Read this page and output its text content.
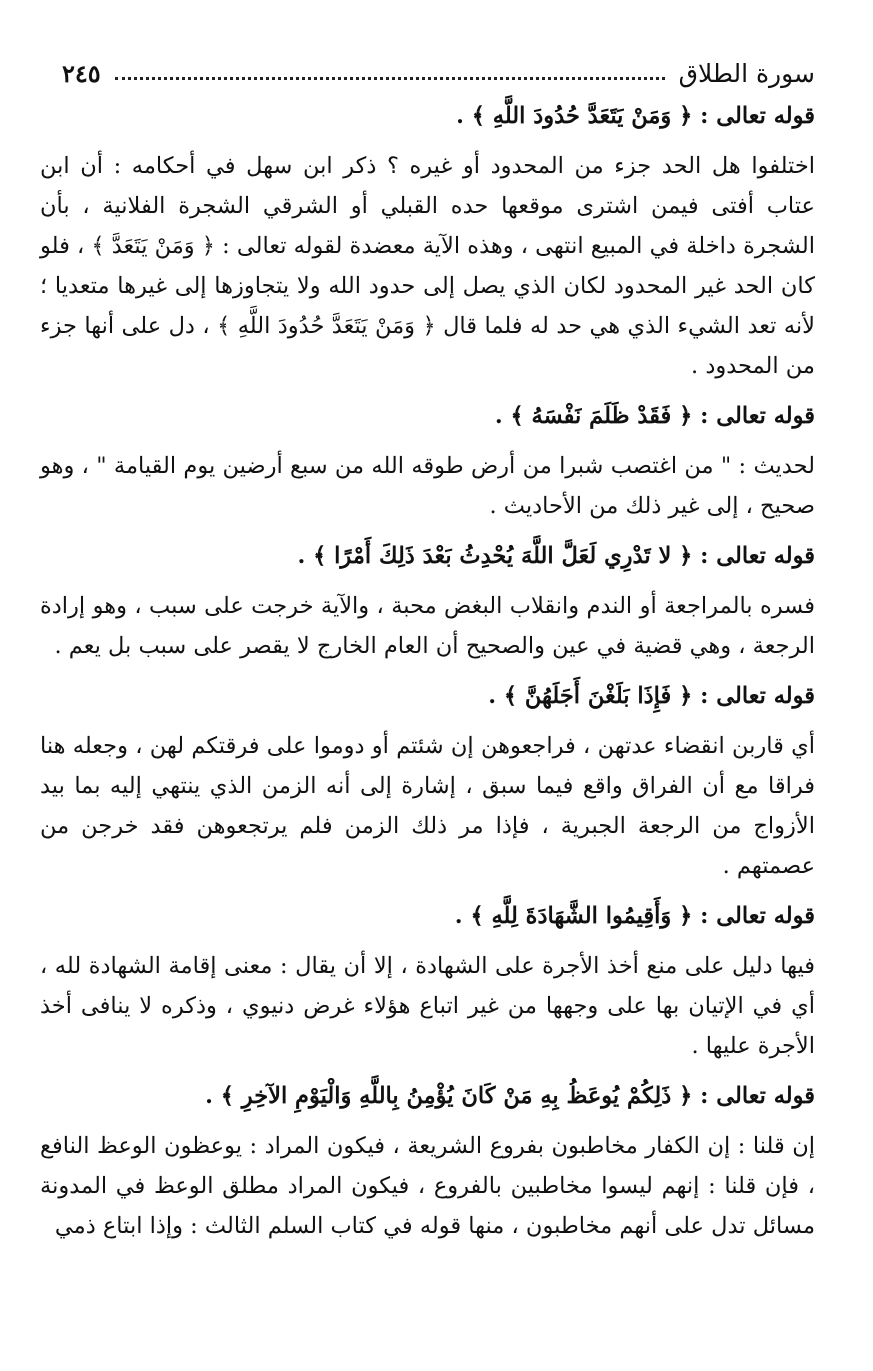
سورة الطلاق
٢٤٥

قوله تعالى : ﴿ وَمَنْ يَتَعَدَّ حُدُودَ اللَّهِ ﴾ .

اختلفوا هل الحد جزء من المحدود أو غيره ؟ ذكر ابن سهل في أحكامه : أن ابن عتاب أفتى فيمن اشترى موقعها حده القبلي أو الشرقي الشجرة الفلانية ، بأن الشجرة داخلة في المبيع انتهى ، وهذه الآية معضدة لقوله تعالى : ﴿ وَمَنْ يَتَعَدَّ ﴾ ، فلو كان الحد غير المحدود لكان الذي يصل إلى حدود الله ولا يتجاوزها إلى غيرها متعديا ؛ لأنه تعد الشيء الذي هي حد له فلما قال ﴿ وَمَنْ يَتَعَدَّ حُدُودَ اللَّهِ ﴾ ، دل على أنها جزء من المحدود .

قوله تعالى : ﴿ فَقَدْ ظَلَمَ نَفْسَهُ ﴾ .

لحديث : " من اغتصب شبرا من أرض طوقه الله من سبع أرضين يوم القيامة " ، وهو صحيح ، إلى غير ذلك من الأحاديث .

قوله تعالى : ﴿ لا تَدْرِي لَعَلَّ اللَّهَ يُحْدِثُ بَعْدَ ذَلِكَ أَمْرًا ﴾ .

فسره بالمراجعة أو الندم وانقلاب البغض محبة ، والآية خرجت على سبب ، وهو إرادة الرجعة ، وهي قضية في عين والصحيح أن العام الخارج لا يقصر على سبب بل يعم .

قوله تعالى : ﴿ فَإِذَا بَلَغْنَ أَجَلَهُنَّ ﴾ .

أي قاربن انقضاء عدتهن ، فراجعوهن إن شئتم أو دوموا على فرقتكم لهن ، وجعله هنا فراقا مع أن الفراق واقع فيما سبق ، إشارة إلى أنه الزمن الذي ينتهي إليه بما بيد الأزواج من الرجعة الجبرية ، فإذا مر ذلك الزمن فلم يرتجعوهن فقد خرجن من عصمتهم .

قوله تعالى : ﴿ وَأَقِيمُوا الشَّهَادَةَ لِلَّهِ ﴾ .

فيها دليل على منع أخذ الأجرة على الشهادة ، إلا أن يقال : معنى إقامة الشهادة لله ، أي في الإتيان بها على وجهها من غير اتباع هؤلاء غرض دنيوي ، وذكره لا ينافى أخذ الأجرة عليها .

قوله تعالى : ﴿ ذَلِكُمْ يُوعَظُ بِهِ مَنْ كَانَ يُؤْمِنُ بِاللَّهِ وَالْيَوْمِ الآخِرِ ﴾ .

إن قلنا : إن الكفار مخاطبون بفروع الشريعة ، فيكون المراد : يوعظون الوعظ النافع ، فإن قلنا : إنهم ليسوا مخاطبين بالفروع ، فيكون المراد مطلق الوعظ في المدونة مسائل تدل على أنهم مخاطبون ، منها قوله في كتاب السلم الثالث : وإذا ابتاع ذمي
